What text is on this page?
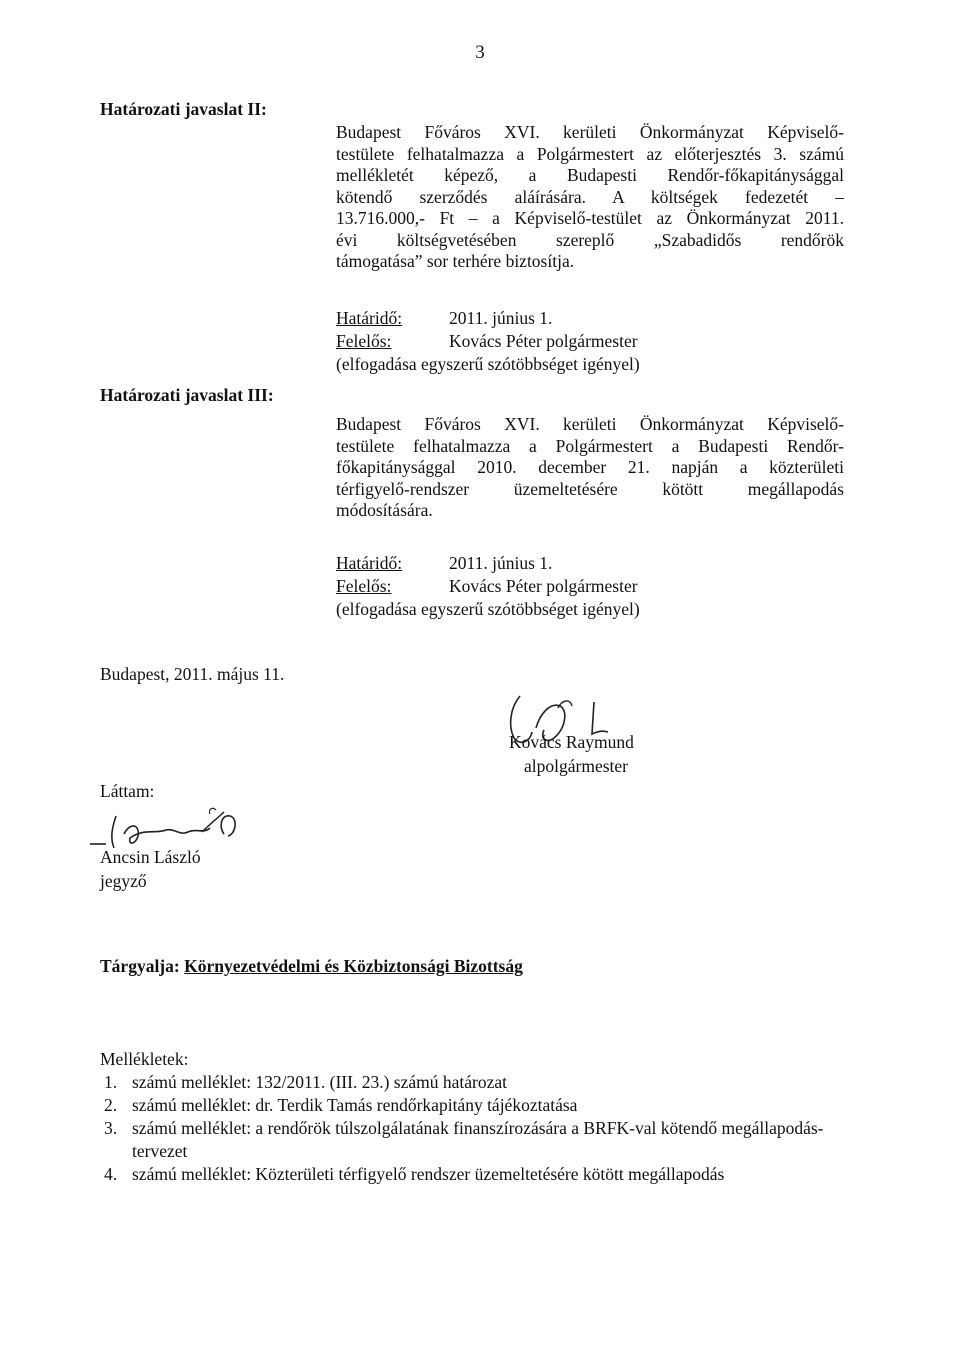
3
Határozati javaslat II:
Budapest Főváros XVI. kerületi Önkormányzat Képviselő-
testülete felhatalmazza a Polgármestert az előterjesztés 3. számú
mellékletét képező, a Budapesti Rendőr-főkapitánysággal
kötendő szerződés aláírására. A költségek fedezetét –
13.716.000,- Ft – a Képviselő-testület az Önkormányzat 2011.
évi költségvetésében szereplő „Szabadidős rendőrök
támogatása” sor terhére biztosítja.
Határidő:	2011. június 1.
Felelős:	Kovács Péter polgármester
(elfogadása egyszerű szótöbbséget igényel)
Határozati javaslat III:
Budapest Főváros XVI. kerületi Önkormányzat Képviselő-
testülete felhatalmazza a Polgármestert a Budapesti Rendőr-
főkapitánysággal 2010. december 21. napján a közterületi
térfigyelő-rendszer üzemeltetésére kötött megállapodás
módosítására.
Határidő:	2011. június 1.
Felelős:	Kovács Péter polgármester
(elfogadása egyszerű szótöbbséget igényel)
Budapest, 2011. május 11.
Kovács Raymund
alpolgármester
Láttam:
Ancsin László
jegyző
Tárgyalja: Környezetvédelmi és Közbiztonsági Bizottság
Mellékletek:
1. számú melléklet: 132/2011. (III. 23.) számú határozat
2. számú melléklet: dr. Terdik Tamás rendőrkapitány tájékoztatása
3. számú melléklet: a rendőrök túlszolgálatának finanszírozására a BRFK-val kötendő megállapodás-tervezet
4. számú melléklet: Közterületi térfigyelő rendszer üzemeltetésére kötött megállapodás
